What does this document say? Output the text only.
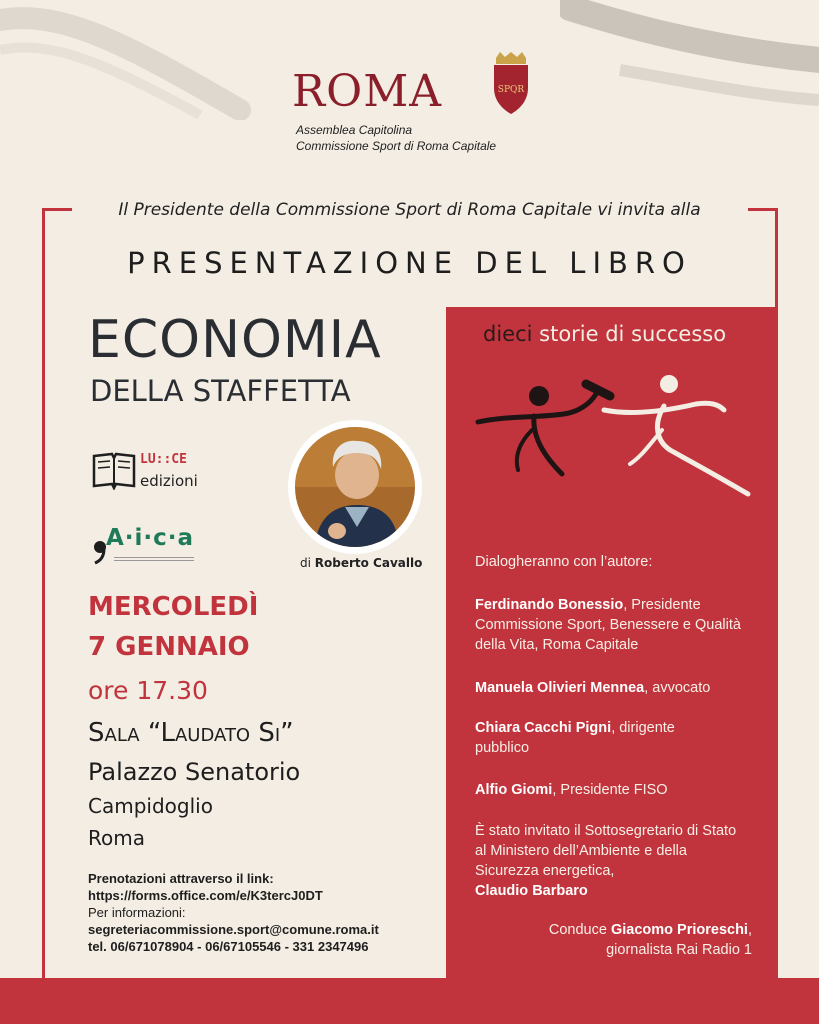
ROMA	SPQR
Assemblea Capitolina
Commissione Sport di Roma Capitale
Il Presidente della Commissione Sport di Roma Capitale vi invita alla
PRESENTAZIONE DEL LIBRO
ECONOMIA
DELLA STAFFETTA
LU::CE
edizioni
A·i·c·a
di Roberto Cavallo
MERCOLEDÌ
7 GENNAIO
ore 17.30
Sala “Laudato Si”
Palazzo Senatorio
Campidoglio
Roma
Prenotazioni attraverso il link:
https://forms.office.com/e/K3tercJ0DT
Per informazioni:
segreteriacommissione.sport@comune.roma.it
tel. 06/671078904 - 06/67105546 - 331 2347496
dieci storie di successo
Dialogheranno con l’autore:
Ferdinando Bonessio, Presidente Commissione Sport, Benessere e Qualità della Vita, Roma Capitale
Manuela Olivieri Mennea, avvocato
Chiara Cacchi Pigni, dirigente pubblico
Alfio Giomi, Presidente FISO
È stato invitato il Sottosegretario di Stato al Ministero dell’Ambiente e della Sicurezza energetica,
Claudio Barbaro
Conduce Giacomo Prioreschi,
giornalista Rai Radio 1
